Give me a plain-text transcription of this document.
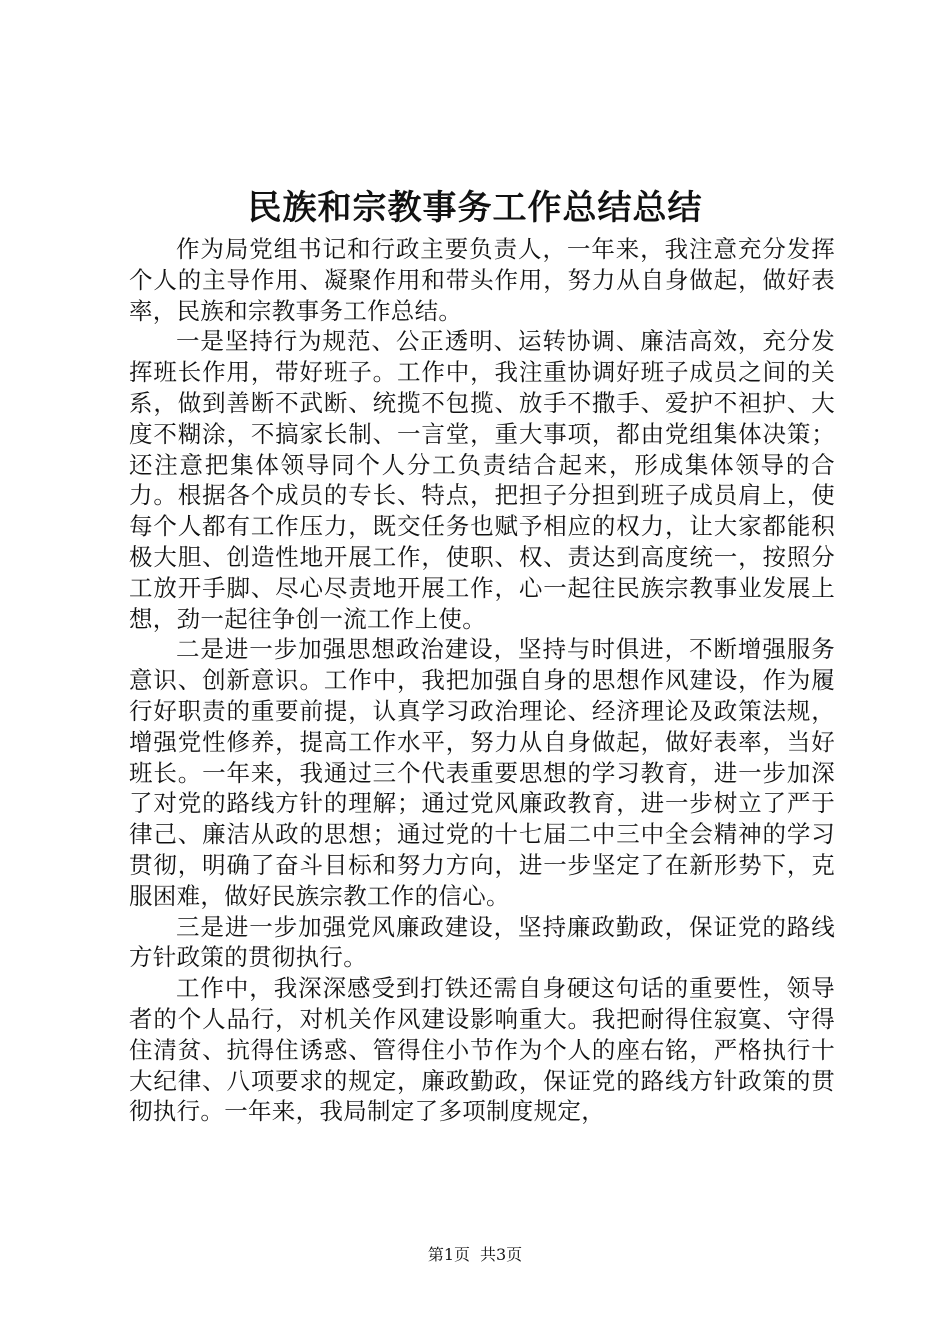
民族和宗教事务工作总结总结

作为局党组书记和行政主要负责人，一年来，我注意充分发挥个人的主导作用、凝聚作用和带头作用，努力从自身做起，做好表率，民族和宗教事务工作总结。

一是坚持行为规范、公正透明、运转协调、廉洁高效，充分发挥班长作用，带好班子。工作中，我注重协调好班子成员之间的关系，做到善断不武断、统揽不包揽、放手不撒手、爱护不袒护、大度不糊涂，不搞家长制、一言堂，重大事项，都由党组集体决策；还注意把集体领导同个人分工负责结合起来，形成集体领导的合力。根据各个成员的专长、特点，把担子分担到班子成员肩上，使每个人都有工作压力，既交任务也赋予相应的权力，让大家都能积极大胆、创造性地开展工作，使职、权、责达到高度统一，按照分工放开手脚、尽心尽责地开展工作，心一起往民族宗教事业发展上想，劲一起往争创一流工作上使。

二是进一步加强思想政治建设，坚持与时俱进，不断增强服务意识、创新意识。工作中，我把加强自身的思想作风建设，作为履行好职责的重要前提，认真学习政治理论、经济理论及政策法规，增强党性修养，提高工作水平，努力从自身做起，做好表率，当好班长。一年来，我通过三个代表重要思想的学习教育，进一步加深了对党的路线方针的理解；通过党风廉政教育，进一步树立了严于律己、廉洁从政的思想；通过党的十七届二中三中全会精神的学习贯彻，明确了奋斗目标和努力方向，进一步坚定了在新形势下，克服困难，做好民族宗教工作的信心。

三是进一步加强党风廉政建设，坚持廉政勤政，保证党的路线方针政策的贯彻执行。

工作中，我深深感受到打铁还需自身硬这句话的重要性，领导者的个人品行，对机关作风建设影响重大。我把耐得住寂寞、守得住清贫、抗得住诱惑、管得住小节作为个人的座右铭，严格执行十大纪律、八项要求的规定，廉政勤政，保证党的路线方针政策的贯彻执行。一年来，我局制定了多项制度规定，

第1页 共3页
